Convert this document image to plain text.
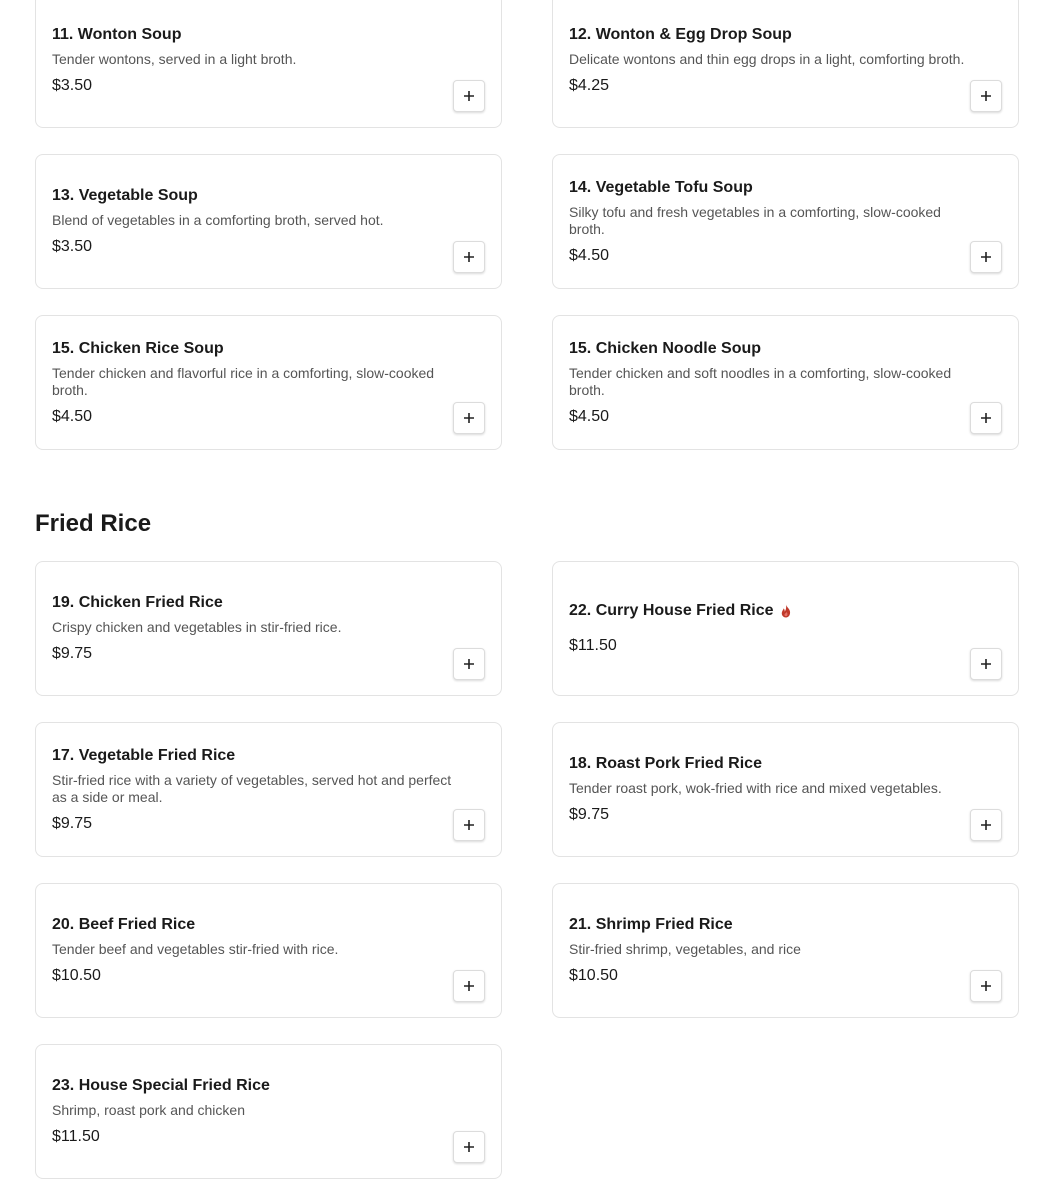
11. Wonton Soup
Tender wontons, served in a light broth.
$3.50
12. Wonton & Egg Drop Soup
Delicate wontons and thin egg drops in a light, comforting broth.
$4.25
13. Vegetable Soup
Blend of vegetables in a comforting broth, served hot.
$3.50
14. Vegetable Tofu Soup
Silky tofu and fresh vegetables in a comforting, slow-cooked broth.
$4.50
15. Chicken Rice Soup
Tender chicken and flavorful rice in a comforting, slow-cooked broth.
$4.50
15. Chicken Noodle Soup
Tender chicken and soft noodles in a comforting, slow-cooked broth.
$4.50
Fried Rice
19. Chicken Fried Rice
Crispy chicken and vegetables in stir-fried rice.
$9.75
22. Curry House Fried Rice
$11.50
17. Vegetable Fried Rice
Stir-fried rice with a variety of vegetables, served hot and perfect as a side or meal.
$9.75
18. Roast Pork Fried Rice
Tender roast pork, wok-fried with rice and mixed vegetables.
$9.75
20. Beef Fried Rice
Tender beef and vegetables stir-fried with rice.
$10.50
21. Shrimp Fried Rice
Stir-fried shrimp, vegetables, and rice
$10.50
23. House Special Fried Rice
Shrimp, roast pork and chicken
$11.50
